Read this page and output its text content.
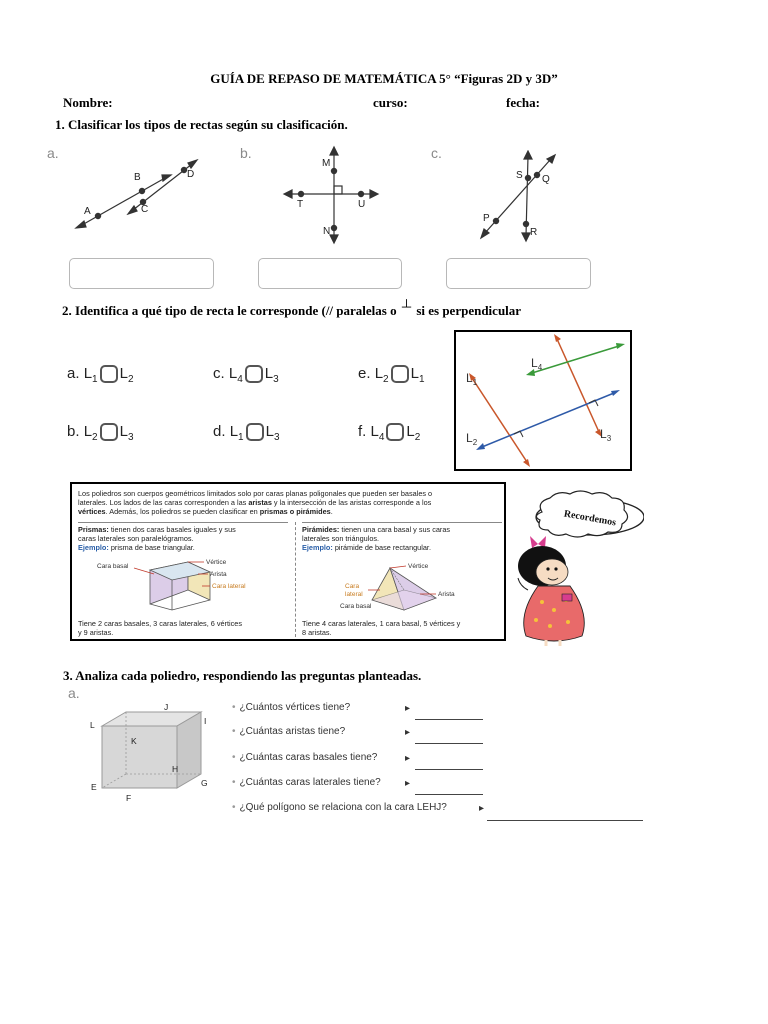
GUÍA DE REPASO DE MATEMÁTICA 5° “Figuras 2D y 3D”
Nombre:	curso:	fecha:
1. Clasificar los tipos de rectas según su clasificación.
a.	b.	c.
A
B
C
D
M
T	U
N
S Q
P
R
2. Identifica a qué tipo de recta le corresponde (// paralelas o ┴ si es perpendicular
a. $L_1$ $L_2$	c. $L_4$ $L_3$	e. $L_2$ $L_1$
b. $L_2$ $L_3$	d. $L_1$ $L_3$	f. $L_4$ $L_2$
$L_1$
$L_2$
$L_3$
$L_4$
Los poliedros son cuerpos geométricos limitados solo por caras planas poligonales que pueden ser basales o
laterales. Los lados de las caras corresponden a las aristas y la intersección de las aristas corresponde a los
vértices. Además, los poliedros se pueden clasificar en prismas o pirámides.
Prismas: tienen dos caras basales iguales y sus
caras laterales son paralelógramos.
Ejemplo: prisma de base triangular.
Vértice
Arista
Cara lateral
Cara basal
Tiene 2 caras basales, 3 caras laterales, 6 vértices
y 9 aristas.
Pirámides: tienen una cara basal y sus caras
laterales son triángulos.
Ejemplo: pirámide de base rectangular.
Vértice
Cara
lateral	Arista
Cara basal
Tiene 4 caras laterales, 1 cara basal, 5 vértices y
8 aristas.
Recordemos
3. Analiza cada poliedro, respondiendo las preguntas planteadas.
a.
L
J
I
K
H
E
F
G
• ¿Cuántos vértices tiene?	▸
• ¿Cuántas aristas tiene?	▸
• ¿Cuántas caras basales tiene?	▸
• ¿Cuántas caras laterales tiene? ▸
• ¿Qué polígono se relaciona con la cara LEHJ?	▸
